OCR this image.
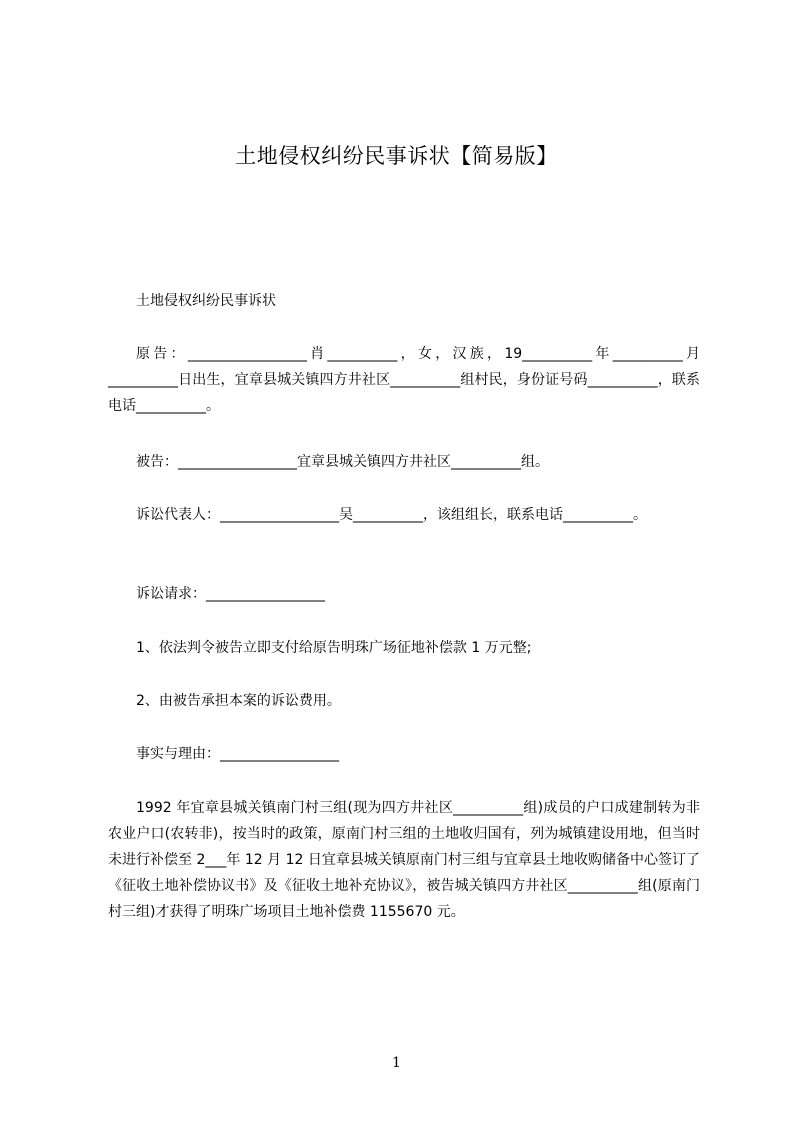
土地侵权纠纷民事诉状【简易版】

土地侵权纠纷民事诉状

原告：_________________肖__________，女，汉族，19__________年__________月__________日出生，宜章县城关镇四方井社区__________组村民，身份证号码__________，联系电话__________。

被告：_________________宜章县城关镇四方井社区__________组。

诉讼代表人：_________________吴__________，该组组长，联系电话__________。

诉讼请求：_________________

1、依法判令被告立即支付给原告明珠广场征地补偿款 1 万元整;

2、由被告承担本案的诉讼费用。

事实与理由：_________________

1992 年宜章县城关镇南门村三组(现为四方井社区__________组)成员的户口成建制转为非农业户口(农转非)，按当时的政策，原南门村三组的土地收归国有，列为城镇建设用地，但当时未进行补偿至 2___年 12 月 12 日宜章县城关镇原南门村三组与宜章县土地收购储备中心签订了《征收土地补偿协议书》及《征收土地补充协议》，被告城关镇四方井社区__________组(原南门村三组)才获得了明珠广场项目土地补偿费 1155670 元。

1
